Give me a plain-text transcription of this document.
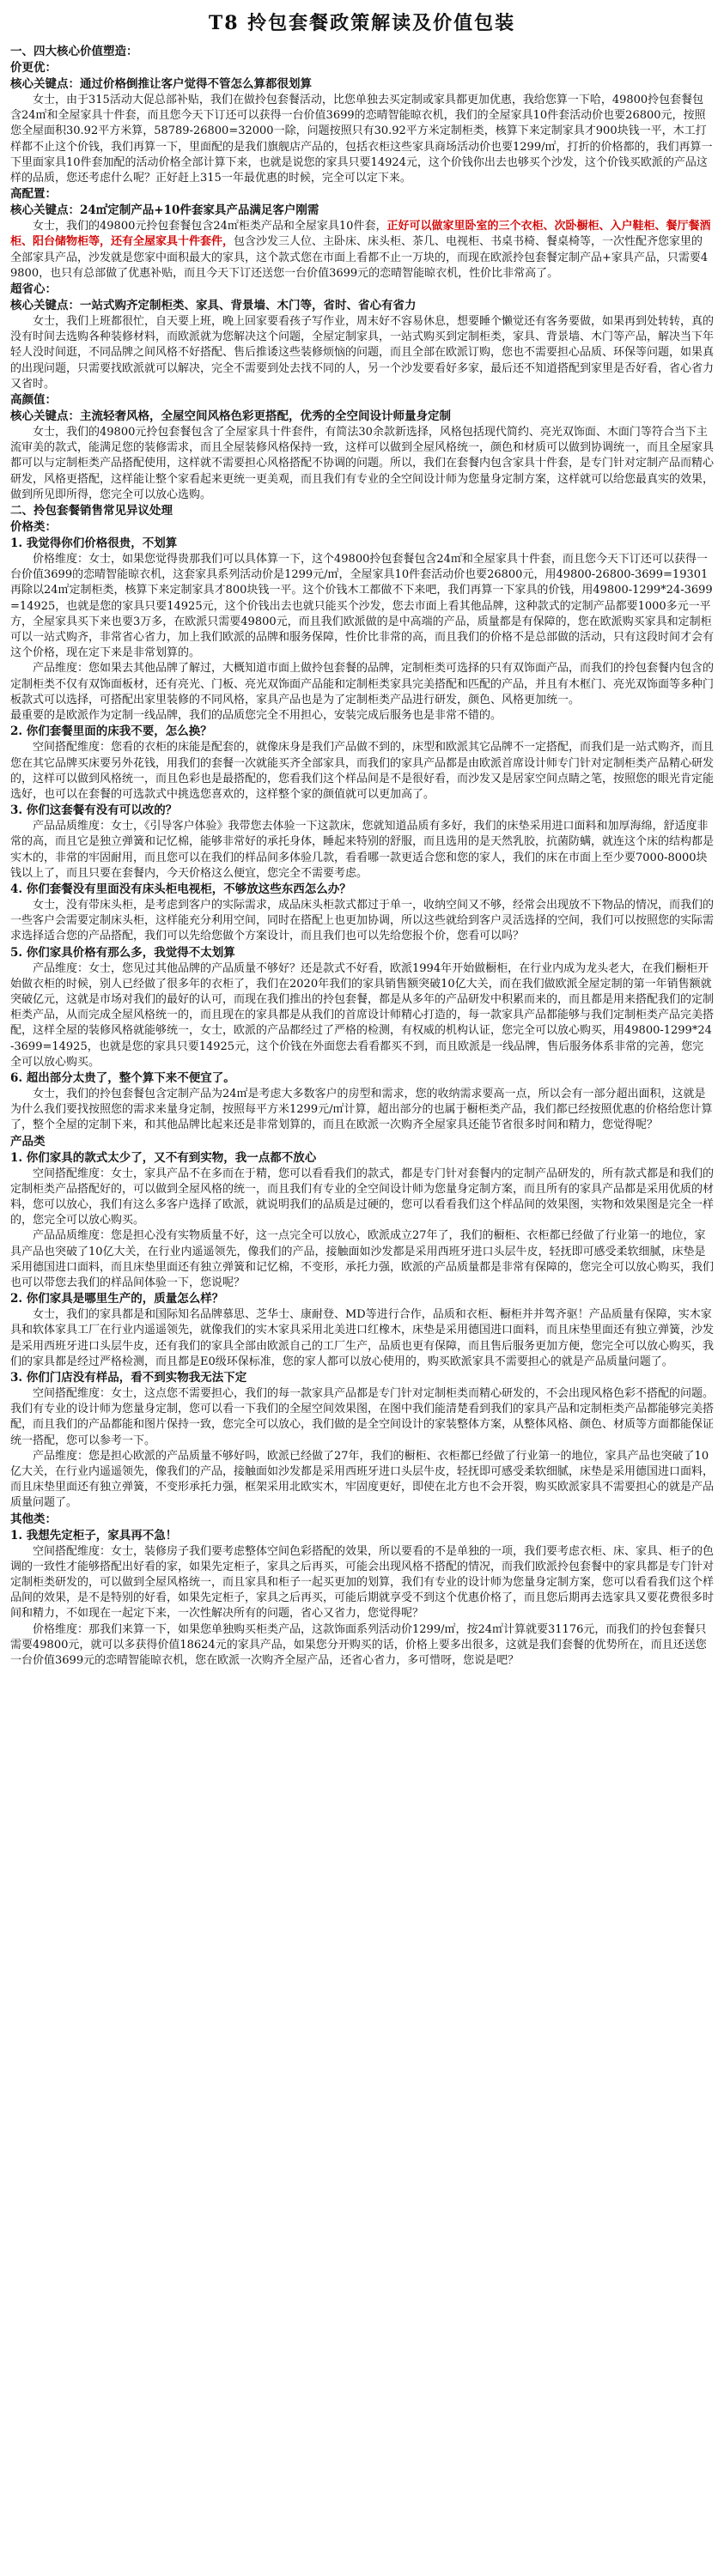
T8 拎包套餐政策解读及价值包装
一、四大核心价值塑造：
价更优：
核心关键点：通过价格倒推让客户觉得不管怎么算都很划算

女士，由于315活动大促总部补贴，我们在做拎包套餐活动，比您单独去买定制或家具都更加优惠，我给您算一下哈，49800拎包套餐包含24㎡和全屋家具十件套，而且您今天下订还可以获得一台价值3699的恋晴智能晾衣机，我们的全屋家具10件套活动价也要26800元，按照您全屋面积30.92平方米算，58789-26800=32000一除，问题按照只有30.92平方米定制柜类，核算下来定制家具才900块钱一平，木工打样都不止这个价钱，我们再算一下，里面配的是我们旗舰店产品的，包括衣柜这些家具商场活动价也要1299/㎡，打折的价格都的，我们再算一下里面家具10件套加配的活动价格全部计算下来，也就是说您的家具只要14924元，这个价钱你出去也够买个沙发，这个价钱买欧派的产品这样的品质，您还考虑什么呢？正好赶上315一年最优惠的时候，完全可以定下来。

高配置：
核心关键点：24㎡定制产品+10件套家具产品满足客户刚需

女士，我们的49800元拎包套餐包含24㎡柜类产品和全屋家具10件套，正好可以做家里卧室的三个衣柜、次卧橱柜、入户鞋柜、餐厅餐酒柜、阳台储物柜等，还有全屋家具十件套件，包含沙发三人位、主卧床、床头柜、茶几、电视柜、书桌书椅、餐桌椅等，一次性配齐您家里的全部家具产品，沙发就是您家中面积最大的家具，这个款式您在市面上看都不止一万块的，而现在欧派拎包套餐定制产品+家具产品，只需要49800，也只有总部做了优惠补贴，而且今天下订还送您一台价值3699元的恋晴智能晾衣机，性价比非常高了。

超省心：
核心关键点：一站式购齐定制柜类、家具、背景墙、木门等，省时、省心有省力

女士，我们上班都很忙，自天要上班，晚上回家要看孩子写作业，周末好不容易休息，想要睡个懒觉还有客务要做，如果再到处转转，真的没有时间去选购各种装修材料，而欧派就为您解决这个问题，全屋定制家具，一站式购买到定制柜类，家具、背景墙、木门等产品，解决当下年轻人没时间逛，不同品牌之间风格不好搭配、售后推诿这些装修烦恼的问题，而且全部在欧派订购，您也不需要担心品质、环保等问题，如果真的出现问题，只需要找欧派就可以解决，完全不需要到处去找不同的人，另一个沙发要看好多家，最后还不知道搭配到家里是否好看，省心省力又省时。

高颜值：
核心关键点：主流轻奢风格，全屋空间风格色彩更搭配，优秀的全空间设计师量身定制

女士，我们的49800元拎包套餐包含了全屋家具十件套件，有简法30余款新选择，风格包括现代简约、亮光双饰面、木面门等符合当下主流审美的款式，能满足您的装修需求，而且全屋装修风格保持一致，这样可以做到全屋风格统一，颜色和材质可以做到协调统一，而且全屋家具都可以与定制柜类产品搭配使用，这样就不需要担心风格搭配不协调的问题。所以，我们在套餐内包含家具十件套，是专门针对定制产品而精心研发，风格更搭配，这样能让整个家看起来更统一更美观，而且我们有专业的全空间设计师为您量身定制方案，这样就可以给您最真实的效果，做到所见即所得，您完全可以放心选购。

二、拎包套餐销售常见异议处理
价格类：
1. 我觉得你们价格很贵，不划算

价格维度：女士，如果您觉得贵那我们可以具体算一下，这个49800拎包套餐包含24㎡和全屋家具十件套，而且您今天下订还可以获得一台价值3699的恋晴智能晾衣机，这套家具系列活动价是1299元/㎡，全屋家具10件套活动价也要26800元，用49800-26800-3699=19301再除以24㎡定制柜类，核算下来定制家具才800块钱一平。这个价钱木工都做不下来吧，我们再算一下家具的价钱，用49800-1299*24-3699=14925，也就是您的家具只要14925元，这个价钱出去也就只能买个沙发，您去市面上看其他品牌，这种款式的定制产品都要1000多元一平方，全屋家具买下来也要3万多，在欧派只需要49800元，而且我们欧派做的是中高端的产品，质量都是有保障的，您在欧派购买家具和定制柜可以一站式购齐，非常省心省力，加上我们欧派的品牌和服务保障，性价比非常的高，而且我们的价格不是总部做的活动，只有这段时间才会有这个价格，现在定下来是非常划算的。

产品维度：您如果去其他品牌了解过，大概知道市面上做拎包套餐的品牌，定制柜类可选择的只有双饰面产品，而我们的拎包套餐内包含的定制柜类不仅有双饰面板材，还有亮光、门板、亮光双饰面产品能和定制柜类家具完美搭配和匹配的产品，并且有木框门、亮光双饰面等多种门板款式可以选择，可搭配出家里装修的不同风格，家具产品也是为了定制柜类产品进行研发，颜色、风格更加统一。

最重要的是欧派作为定制一线品牌，我们的品质您完全不用担心，安装完成后服务也是非常不错的。

2. 你们套餐里面的床我不要，怎么换？

空间搭配维度：您看的衣柜的床能是配套的，就像床身是我们产品做不到的，床型和欧派其它品牌不一定搭配，而我们是一站式购齐，而且您在其它品牌买床要另外花钱，用我们的套餐一次就能买齐全部家具，而我们的家具产品都是由欧派首席设计师专门针对定制柜类产品精心研发的，这样可以做到风格统一，而且色彩也是最搭配的，您看我们这个样品间是不是很好看，而沙发又是居家空间点睛之笔，按照您的眼光肯定能选好，也可以在套餐的可选款式中挑选您喜欢的，这样整个家的颜值就可以更加高了。

3. 你们这套餐有没有可以改的？

产品品质维度：女士，《引导客户体验》我带您去体验一下这款床，您就知道品质有多好，我们的床垫采用进口面料和加厚海绵，舒适度非常的高，而且它是独立弹簧和记忆棉，能够非常好的承托身体，睡起来特别的舒服，而且选用的是天然乳胶，抗菌防螨，就连这个床的结构都是实木的，非常的牢固耐用，而且您可以在我们的样品间多体验几款，看看哪一款更适合您和您的家人，我们的床在市面上至少要7000-8000块钱以上了，而且只要在套餐内，今天价格这么便宜，您完全不需要考虑。

4. 你们套餐没有里面没有床头柜电视柜，不够放这些东西怎么办？

女士，没有带床头柜，是考虑到客户的实际需求，成品床头柜款式都过于单一，收纳空间又不够，经常会出现放不下物品的情况，而我们的一些客户会需要定制床头柜，这样能充分利用空间，同时在搭配上也更加协调，所以这些就给到客户灵活选择的空间，我们可以按照您的实际需求选择适合您的产品搭配，我们可以先给您做个方案设计，而且我们也可以先给您报个价，您看可以吗？

5. 你们家具价格有那么多，我觉得不太划算

产品维度：女士，您见过其他品牌的产品质量不够好？还是款式不好看，欧派1994年开始做橱柜，在行业内成为龙头老大，在我们橱柜开始做衣柜的时候，别人已经做了很多年的衣柜了，我们在2020年我们的家具销售额突破10亿大关，而在我们做欧派全屋定制的第一年销售额就突破亿元，这就是市场对我们的最好的认可，而现在我们推出的拎包套餐，都是从多年的产品研发中积累而来的，而且都是用来搭配我们的定制柜类产品，从而完成全屋风格统一的，而且现在的家具都是从我们的首席设计师精心打造的，每一款家具产品都能够与我们定制柜类产品完美搭配，这样全屋的装修风格就能够统一，女士，欧派的产品都经过了严格的检测，有权威的机构认证，您完全可以放心购买，用49800-1299*24-3699=14925，也就是您的家具只要14925元，这个价钱在外面您去看看都买不到，而且欧派是一线品牌，售后服务体系非常的完善，您完全可以放心购买。

6. 超出部分太贵了，整个算下来不便宜了。

女士，我们的拎包套餐包含定制产品为24㎡是考虑大多数客户的房型和需求，您的收纳需求要高一点，所以会有一部分超出面积，这就是为什么我们要找按照您的需求来量身定制，按照每平方米1299元/㎡计算，超出部分的也属于橱柜类产品，我们都已经按照优惠的价格给您计算了，整个全屋的定制下来，和其他品牌比起来还是非常划算的，而且在欧派一次购齐全屋家具还能节省很多时间和精力，您觉得呢？

产品类
1. 你们家具的款式太少了，又不有到实物，我一点都不放心

空间搭配维度：女士，家具产品不在多而在于精，您可以看看我们的款式，都是专门针对套餐内的定制产品研发的，所有款式都是和我们的定制柜类产品搭配好的，可以做到全屋风格的统一，而且我们有专业的全空间设计师为您量身定制方案，而且所有的家具产品都是采用优质的材料，您可以放心，我们有这么多客户选择了欧派，就说明我们的品质是过硬的，您可以看看我们这个样品间的效果图，实物和效果图是完全一样的，您完全可以放心购买。

产品品质维度：您是担心没有实物质量不好，这一点完全可以放心，欧派成立27年了，我们的橱柜、衣柜都已经做了行业第一的地位，家具产品也突破了10亿大关，在行业内遥遥领先，像我们的产品，接触面如沙发都是采用西班牙进口头层牛皮，轻抚即可感受柔软细腻，床垫是采用德国进口面料，而且床垫里面还有独立弹簧和记忆棉，不变形，承托力强，欧派的产品质量都是非常有保障的，您完全可以放心购买，我们也可以带您去我们的样品间体验一下，您说呢？

2. 你们家具是哪里生产的，质量怎么样？

女士，我们的家具都是和国际知名品牌慕思、芝华士、康耐登、MD等进行合作，品质和衣柜、橱柜并并驾齐驱！产品质量有保障，实木家具和软体家具工厂在行业内遥遥领先，就像我们的实木家具采用北美进口红橡木，床垫是采用德国进口面料，而且床垫里面还有独立弹簧，沙发是采用西班牙进口头层牛皮，还有我们的家具全部由欧派自己的工厂生产，品质也更有保障，而且售后服务更加方便，您完全可以放心购买，我们的家具都是经过严格检测，而且都是E0级环保标准，您的家人都可以放心使用的，购买欧派家具不需要担心的就是产品质量问题了。

3. 你们门店没有样品，看不到实物我无法下定

空间搭配维度：女士，这点您不需要担心，我们的每一款家具产品都是专门针对定制柜类而精心研发的，不会出现风格色彩不搭配的问题。我们有专业的设计师为您量身定制，您可以看一下我们的全屋空间效果图，在图中我们能清楚看到我们的家具产品和定制柜类产品都能够完美搭配，而且我们的产品都能和图片保持一致，您完全可以放心，我们做的是全空间设计的家装整体方案，从整体风格、颜色、材质等方面都能保证统一搭配，您可以参考一下。

产品维度：您是担心欧派的产品质量不够好吗，欧派已经做了27年，我们的橱柜、衣柜都已经做了行业第一的地位，家具产品也突破了10亿大关，在行业内遥遥领先，像我们的产品，接触面如沙发都是采用西班牙进口头层牛皮，轻抚即可感受柔软细腻，床垫是采用德国进口面料，而且床垫里面还有独立弹簧，不变形承托力强，框架采用北欧实木，牢固度更好，即使在北方也不会开裂，购买欧派家具不需要担心的就是产品质量问题了。

其他类：
1. 我想先定柜子，家具再不急！

空间搭配维度：女士，装修房子我们要考虑整体空间色彩搭配的效果，所以要看的不是单独的一项，我们要考虑衣柜、床、家具、柜子的色调的一致性才能够搭配出好看的家，如果先定柜子，家具之后再买，可能会出现风格不搭配的情况，而我们欧派拎包套餐中的家具都是专门针对定制柜类研发的，可以做到全屋风格统一，而且家具和柜子一起买更加的划算，我们有专业的设计师为您量身定制方案，您可以看看我们这个样品间的效果，是不是特别的好看，如果先定柜子，家具之后再买，可能后期就享受不到这个优惠价格了，而且您后期再去选家具又要花费很多时间和精力，不如现在一起定下来，一次性解决所有的问题，省心又省力，您觉得呢？

价格维度：那我们来算一下，如果您单独购买柜类产品，这款饰面系列活动价1299/㎡，按24㎡计算就要31176元，而我们的拎包套餐只需要49800元，就可以多获得价值18624元的家具产品，如果您分开购买的话，价格上要多出很多，这就是我们套餐的优势所在，而且还送您一台价值3699元的恋晴智能晾衣机，您在欧派一次购齐全屋产品，还省心省力，多可惜呀，您说是吧？
